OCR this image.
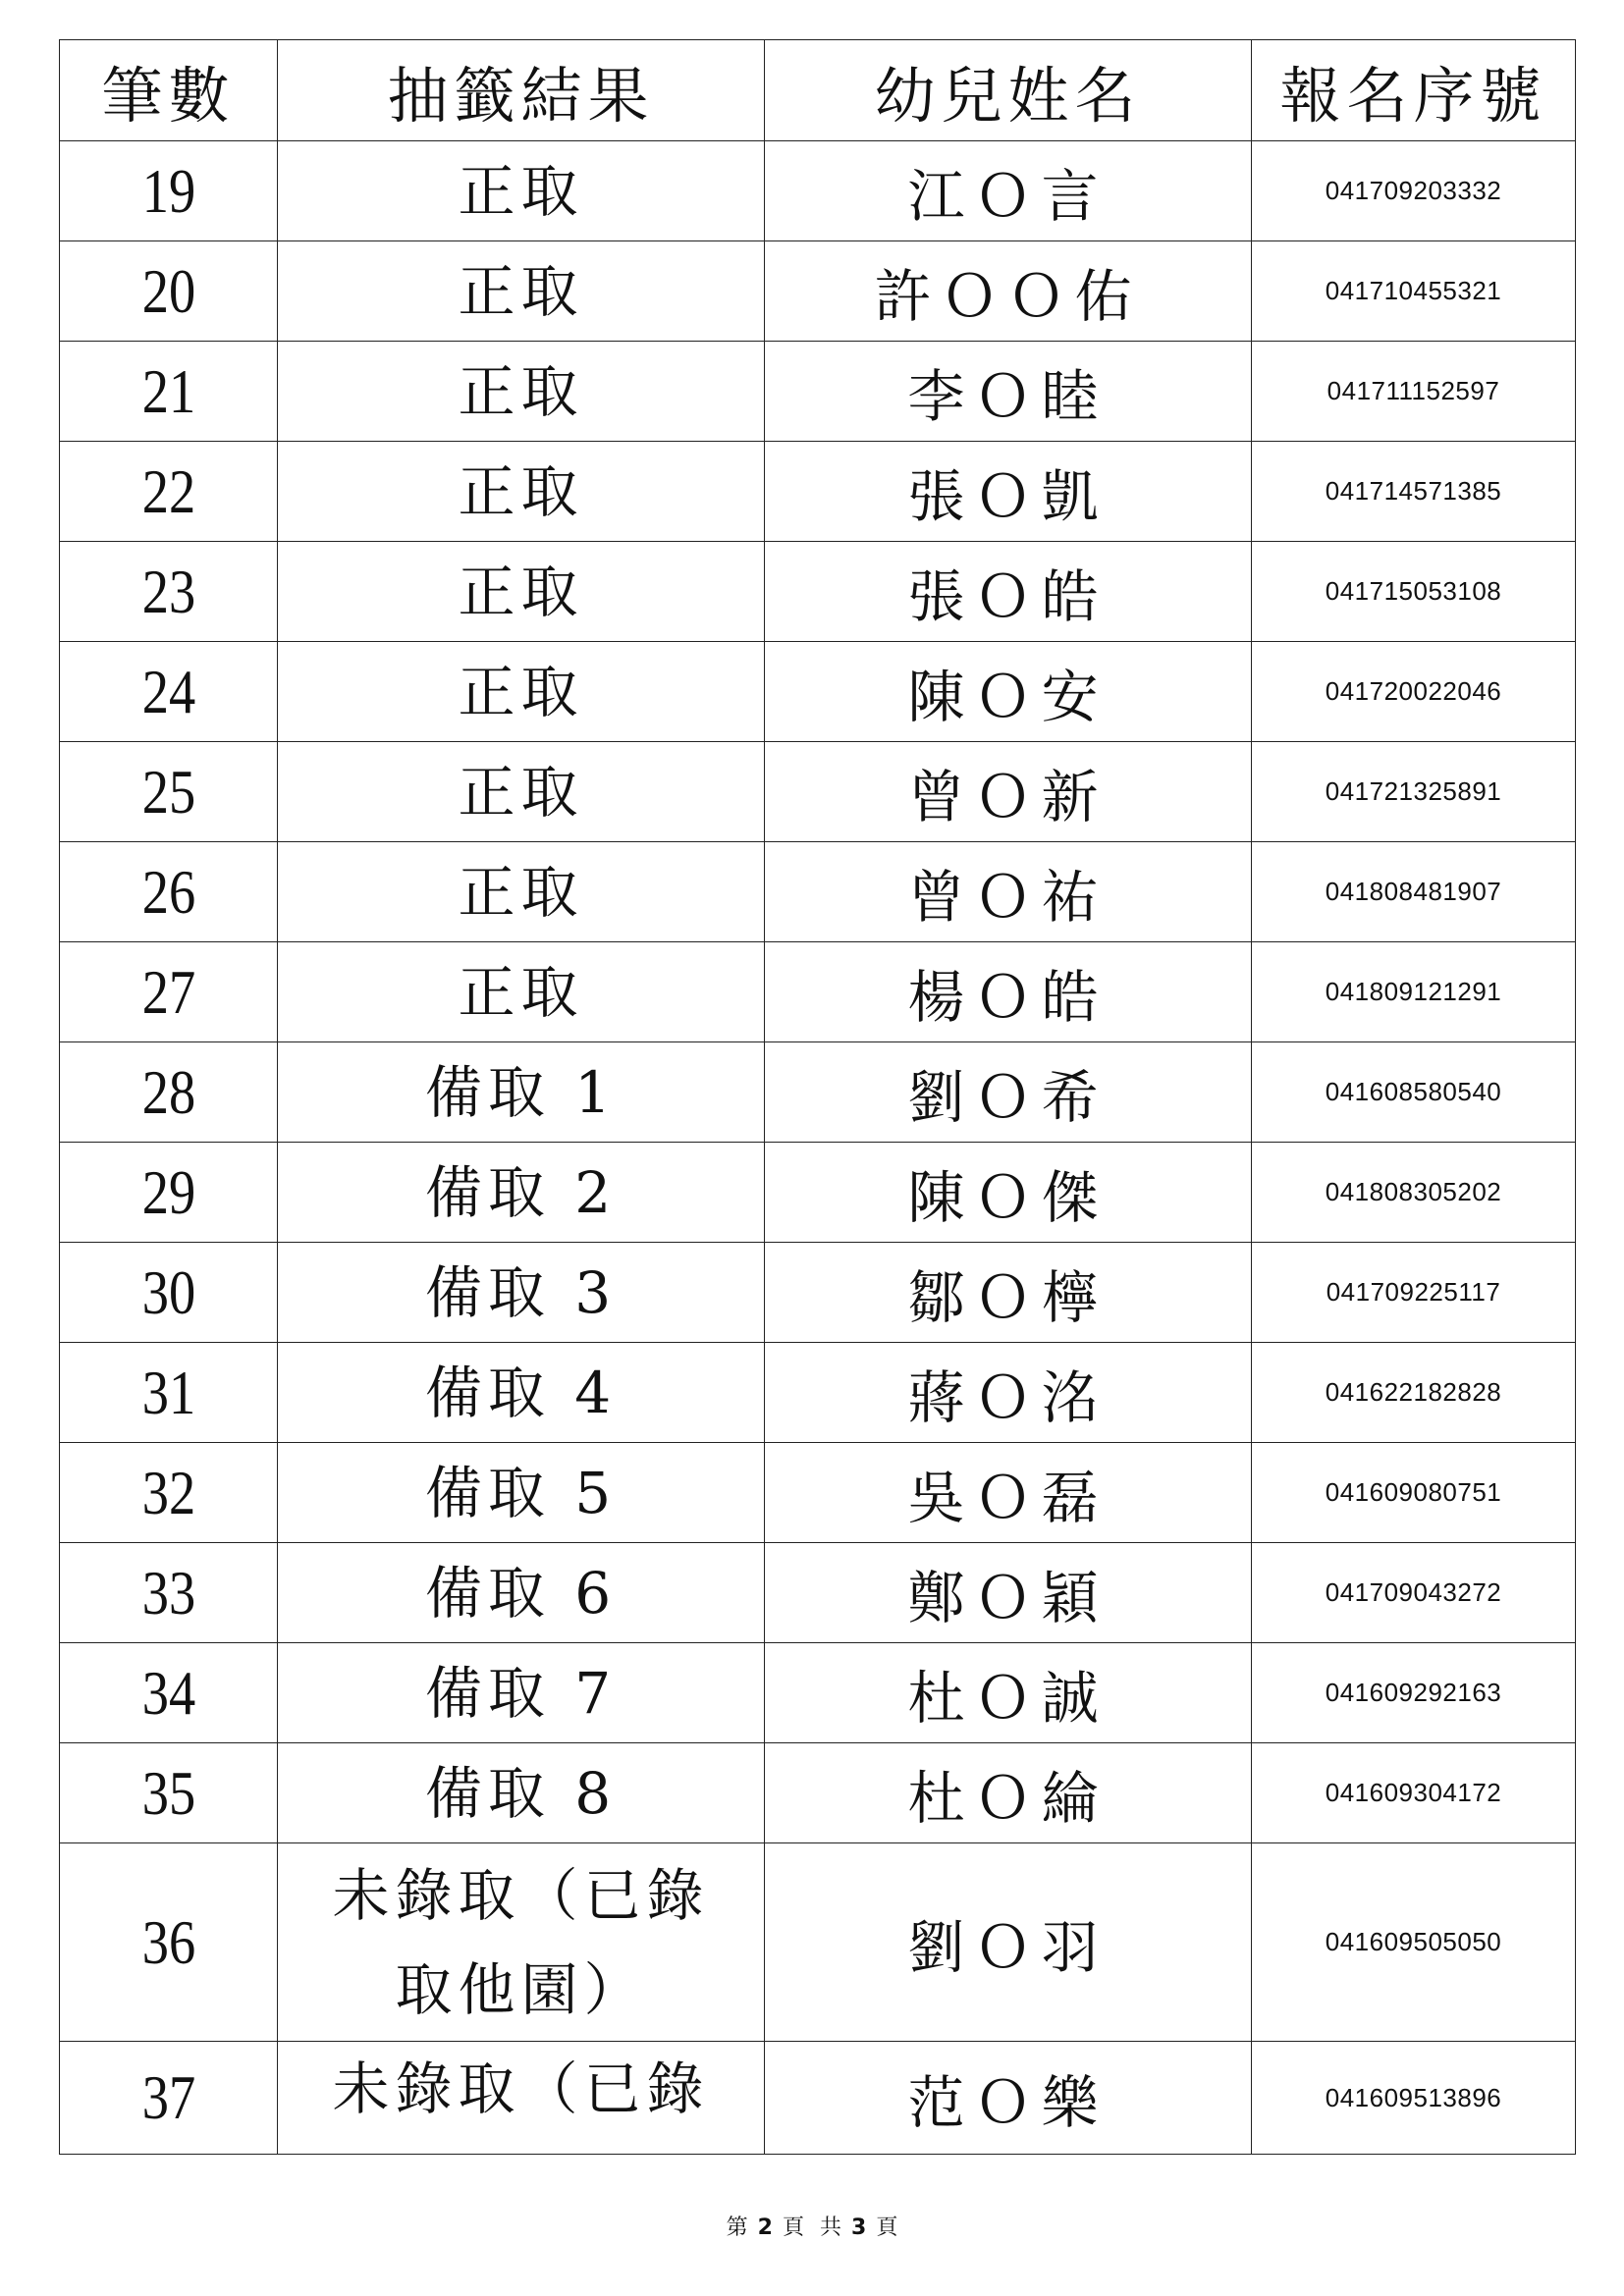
筆數	抽籤結果	幼兒姓名	報名序號
19	正取	江Ｏ言	041709203332
20	正取	許ＯＯ佑	041710455321
21	正取	李Ｏ睦	041711152597
22	正取	張Ｏ凱	041714571385
23	正取	張Ｏ皓	041715053108
24	正取	陳Ｏ安	041720022046
25	正取	曾Ｏ新	041721325891
26	正取	曾Ｏ祐	041808481907
27	正取	楊Ｏ皓	041809121291
28	備取 1	劉Ｏ希	041608580540
29	備取 2	陳Ｏ傑	041808305202
30	備取 3	鄒Ｏ檸	041709225117
31	備取 4	蔣Ｏ洺	041622182828
32	備取 5	吳Ｏ磊	041609080751
33	備取 6	鄭Ｏ穎	041709043272
34	備取 7	杜Ｏ誠	041609292163
35	備取 8	杜Ｏ綸	041609304172
36	未錄取（已錄取他園）	劉Ｏ羽	041609505050
37	未錄取（已錄	范Ｏ樂	041609513896
第 2 頁 共 3 頁
